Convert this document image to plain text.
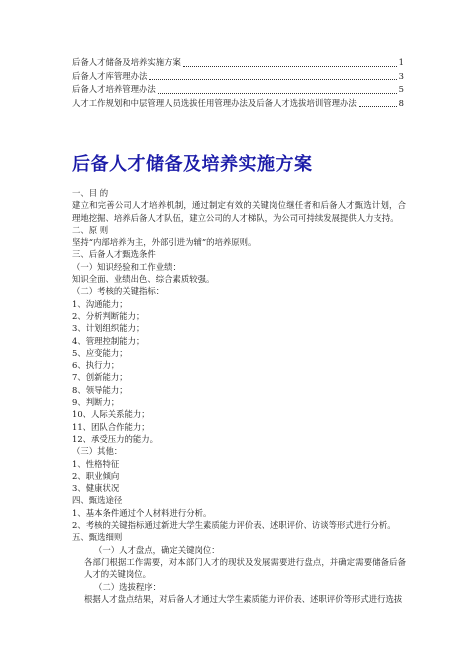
后备人才储备及培养实施方案	1
后备人才库管理办法	3
后备人才培养管理办法	5
人才工作规划和中层管理人员选拔任用管理办法及后备人才选拔培训管理办法	8
后备人才储备及培养实施方案
一、目 的
建立和完善公司人才培养机制，通过制定有效的关键岗位继任者和后备人才甄选计划，合理地挖掘、培养后备人才队伍，建立公司的人才梯队，为公司可持续发展提供人力支持。
二、原 则
坚持“内部培养为主，外部引进为辅”的培养原则。
三、后备人才甄选条件
（一）知识经验和工作业绩：
知识全面、业绩出色、综合素质较强。
（二）考核的关键指标：
1、沟通能力；
2、分析判断能力；
3、计划组织能力；
4、管理控制能力；
5、应变能力；
6、执行力；
7、创新能力；
8、领导能力；
9、判断力；
10、人际关系能力；
11、团队合作能力；
12、承受压力的能力。
（三）其他：
1、性格特征
2、职业倾向
3、健康状况
四、甄选途径
1、基本条件通过个人材料进行分析。
2、考核的关键指标通过新进大学生素质能力评价表、述职评价、访谈等形式进行分析。
五、甄选细则
（一）人才盘点，确定关键岗位：
各部门根据工作需要，对本部门人才的现状及发展需要进行盘点，并确定需要储备后备人才的关键岗位。
（二）选拔程序：
根据人才盘点结果，对后备人才通过大学生素质能力评价表、述职评价等形式进行选拔
